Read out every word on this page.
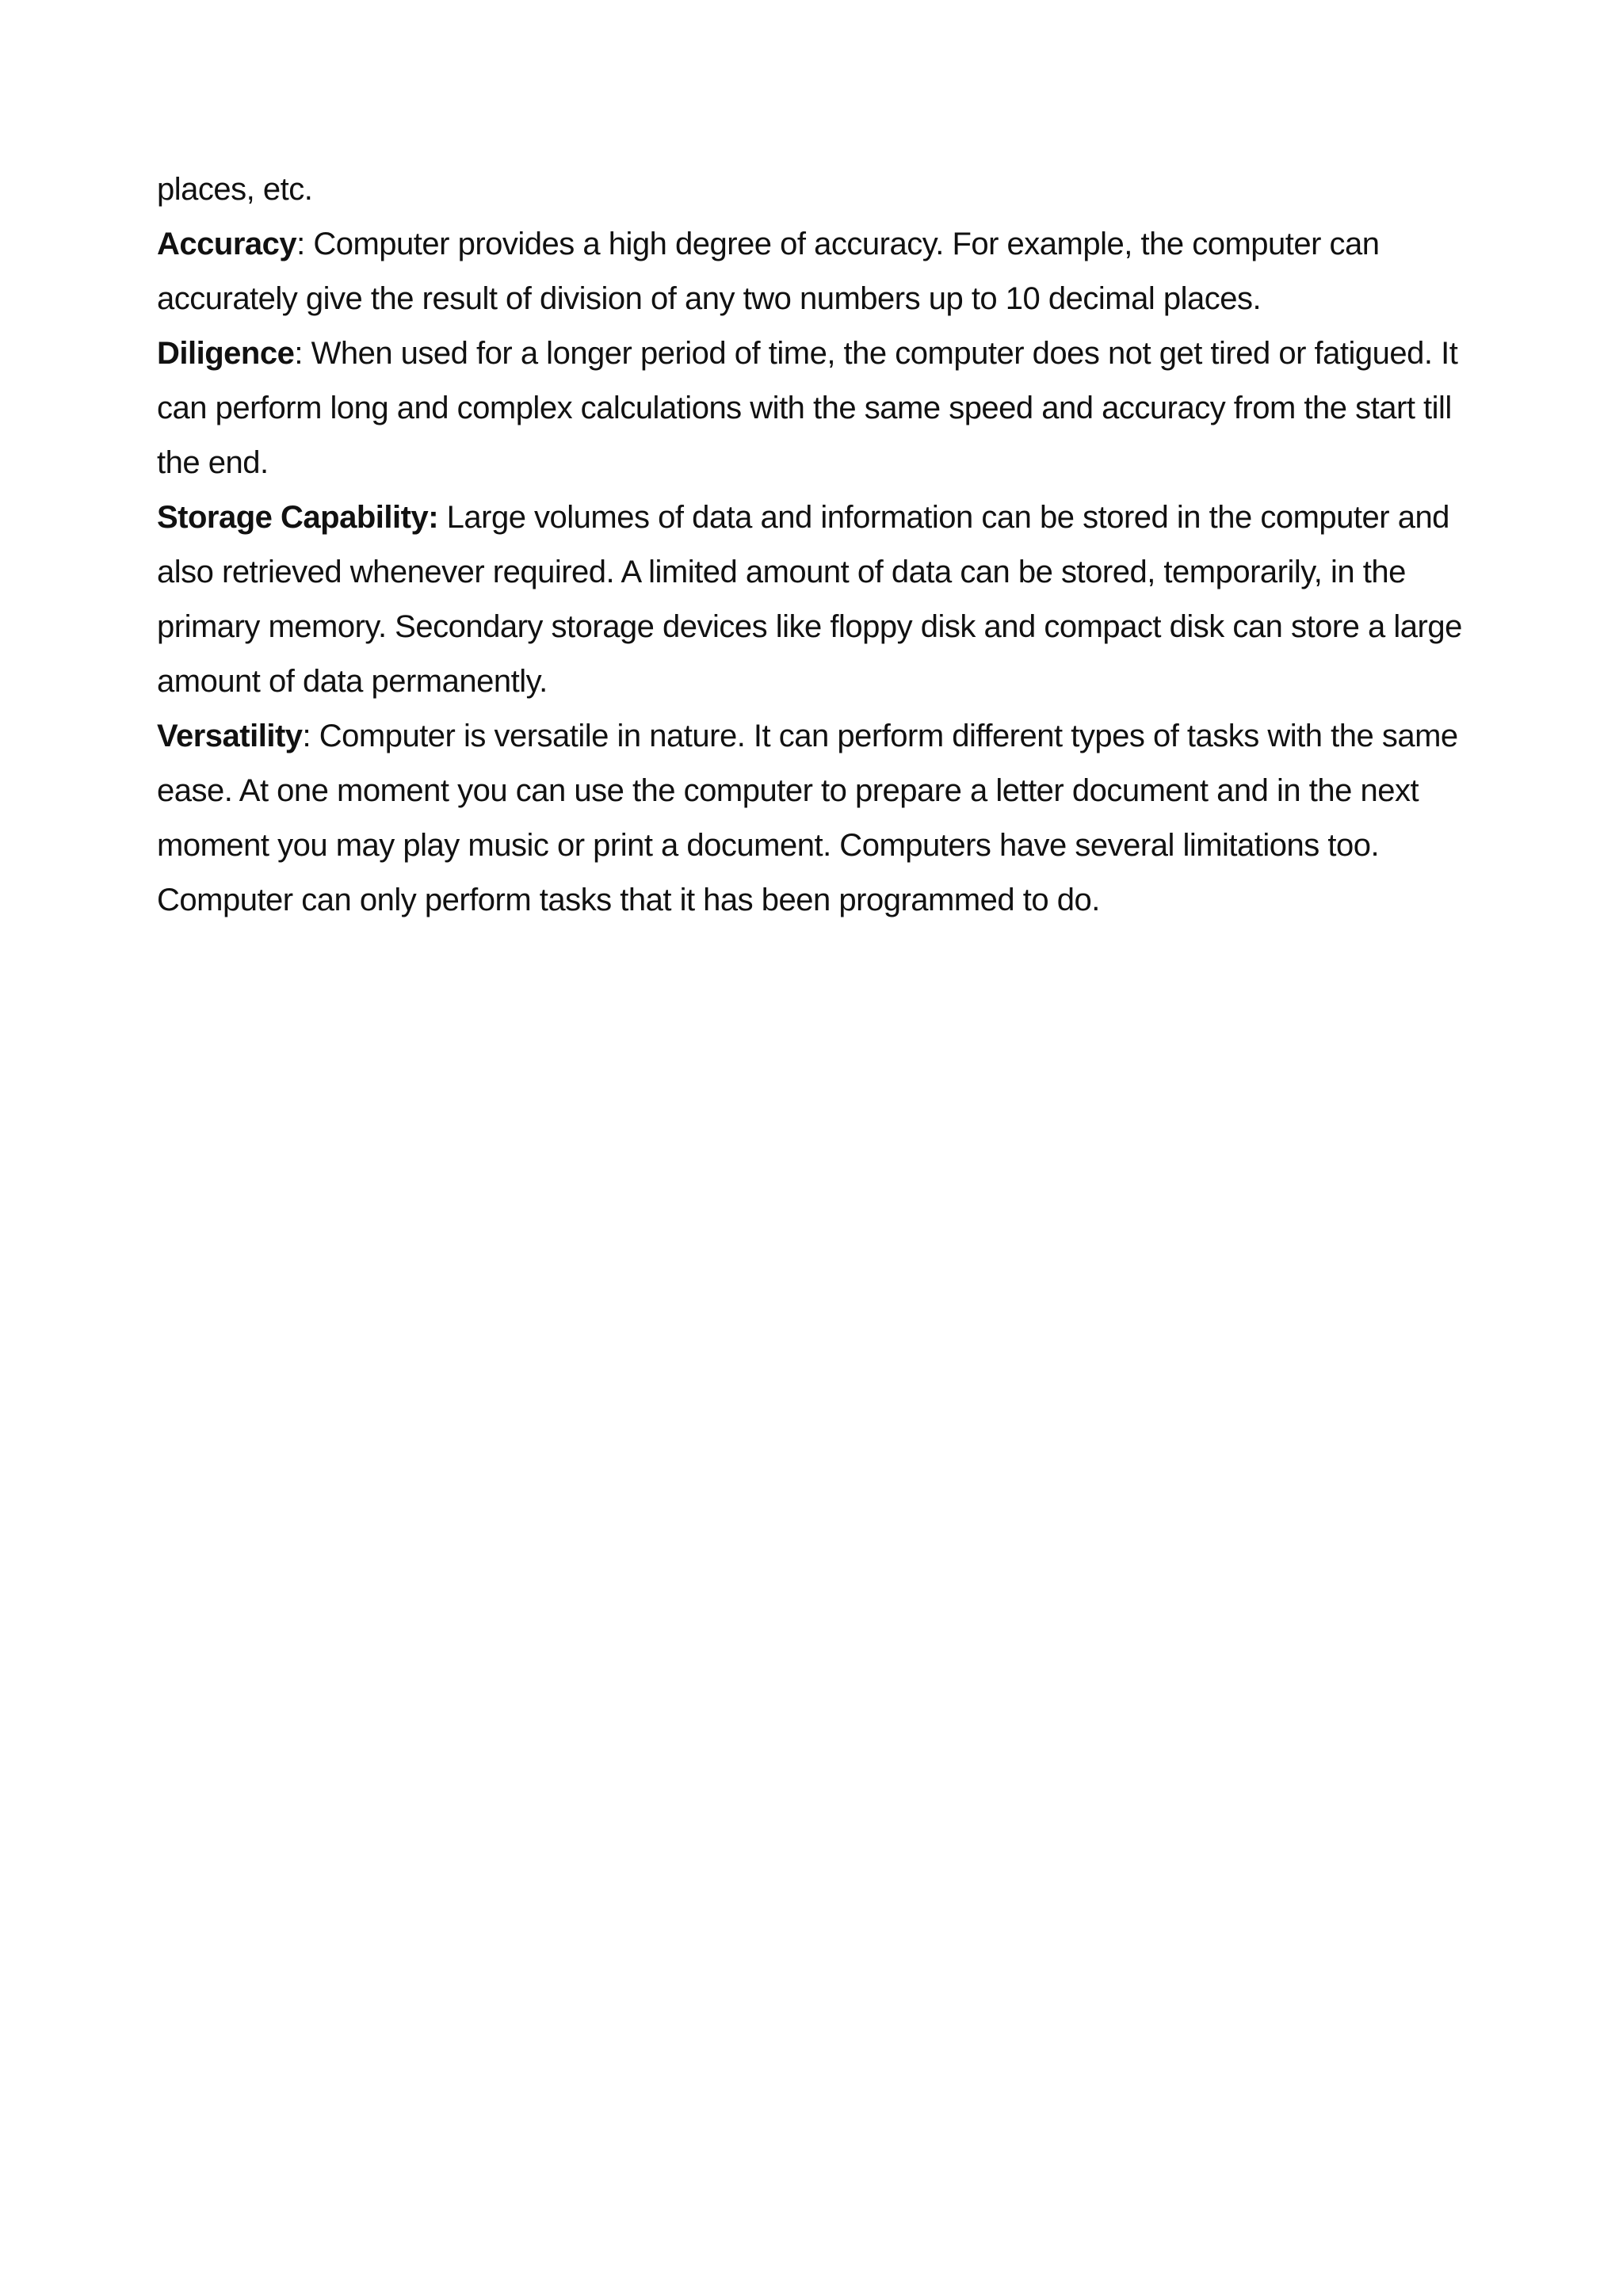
places, etc.

Accuracy: Computer provides a high degree of accuracy. For example, the computer can accurately give the result of division of any two numbers up to 10 decimal places.

Diligence: When used for a longer period of time, the computer does not get tired or fatigued. It can perform long and complex calculations with the same speed and accuracy from the start till the end.

Storage Capability: Large volumes of data and information can be stored in the computer and also retrieved whenever required. A limited amount of data can be stored, temporarily, in the primary memory. Secondary storage devices like floppy disk and compact disk can store a large amount of data permanently.

Versatility: Computer is versatile in nature. It can perform different types of tasks with the same ease. At one moment you can use the computer to prepare a letter document and in the next moment you may play music or print a document. Computers have several limitations too. Computer can only perform tasks that it has been programmed to do.
